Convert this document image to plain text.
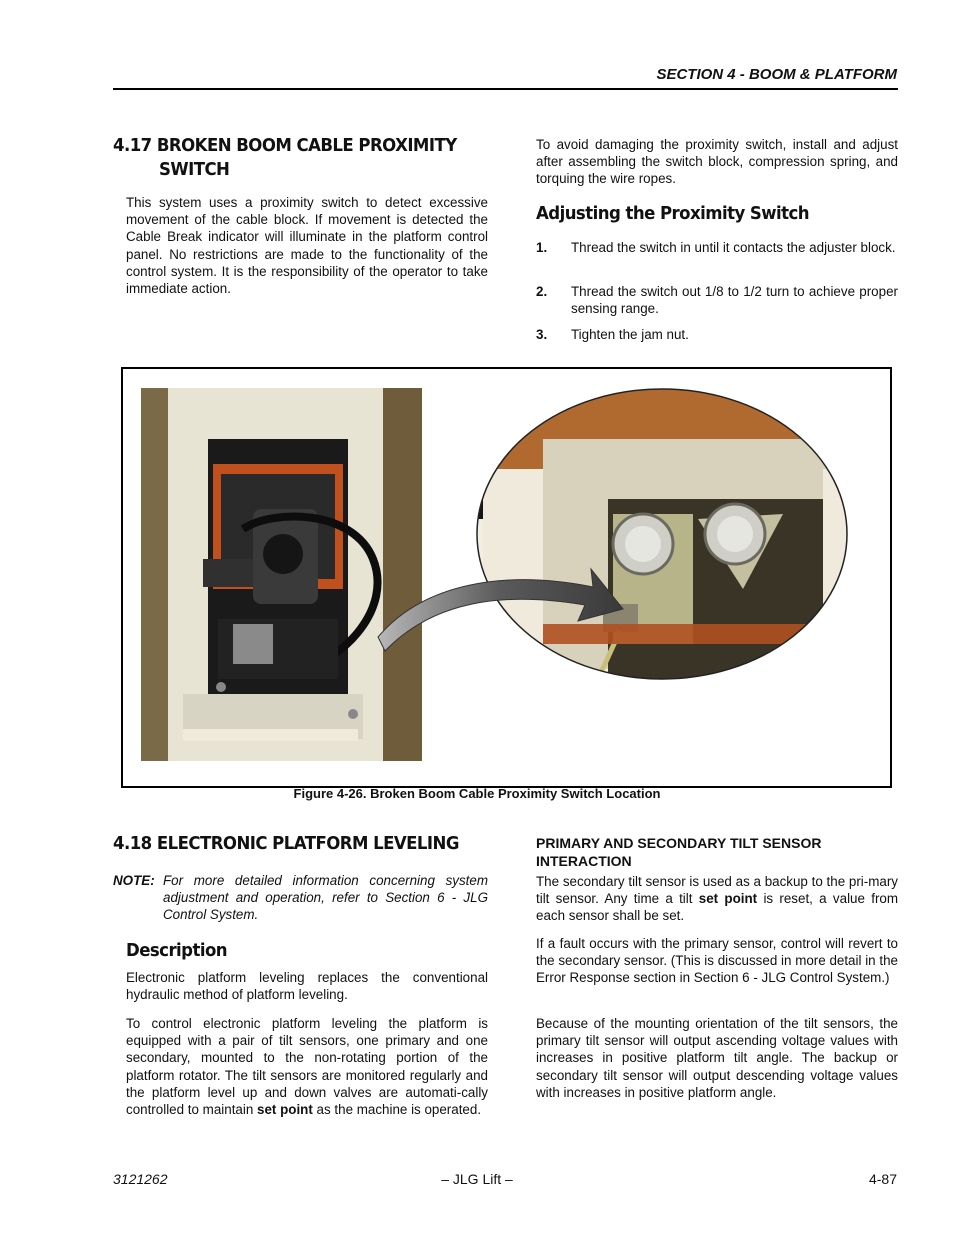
SECTION 4 - BOOM & PLATFORM
4.17 BROKEN BOOM CABLE PROXIMITY
SWITCH
This system uses a proximity switch to detect excessive movement of the cable block. If movement is detected the Cable Break indicator will illuminate in the platform control panel. No restrictions are made to the functionality of the control system. It is the responsibility of the operator to take immediate action.
To avoid damaging the proximity switch, install and adjust after assembling the switch block, compression spring, and torquing the wire ropes.
Adjusting the Proximity Switch
1. Thread the switch in until it contacts the adjuster block.
2. Thread the switch out 1/8 to 1/2 turn to achieve proper sensing range.
3. Tighten the jam nut.
Figure 4-26. Broken Boom Cable Proximity Switch Location
4.18 ELECTRONIC PLATFORM LEVELING
NOTE: For more detailed information concerning system adjustment and operation, refer to Section 6 - JLG Control System.
Description
Electronic platform leveling replaces the conventional hydraulic method of platform leveling.
To control electronic platform leveling the platform is equipped with a pair of tilt sensors, one primary and one secondary, mounted to the non-rotating portion of the platform rotator. The tilt sensors are monitored regularly and the platform level up and down valves are automati-cally controlled to maintain set point as the machine is operated.
PRIMARY AND SECONDARY TILT SENSOR INTERACTION
The secondary tilt sensor is used as a backup to the pri-mary tilt sensor. Any time a tilt set point is reset, a value from each sensor shall be set.
If a fault occurs with the primary sensor, control will revert to the secondary sensor. (This is discussed in more detail in the Error Response section in Section 6 - JLG Control System.)
Because of the mounting orientation of the tilt sensors, the primary tilt sensor will output ascending voltage values with increases in positive platform tilt angle. The backup or secondary tilt sensor will output descending voltage values with increases in positive platform angle.
3121262	– JLG Lift –	4-87
